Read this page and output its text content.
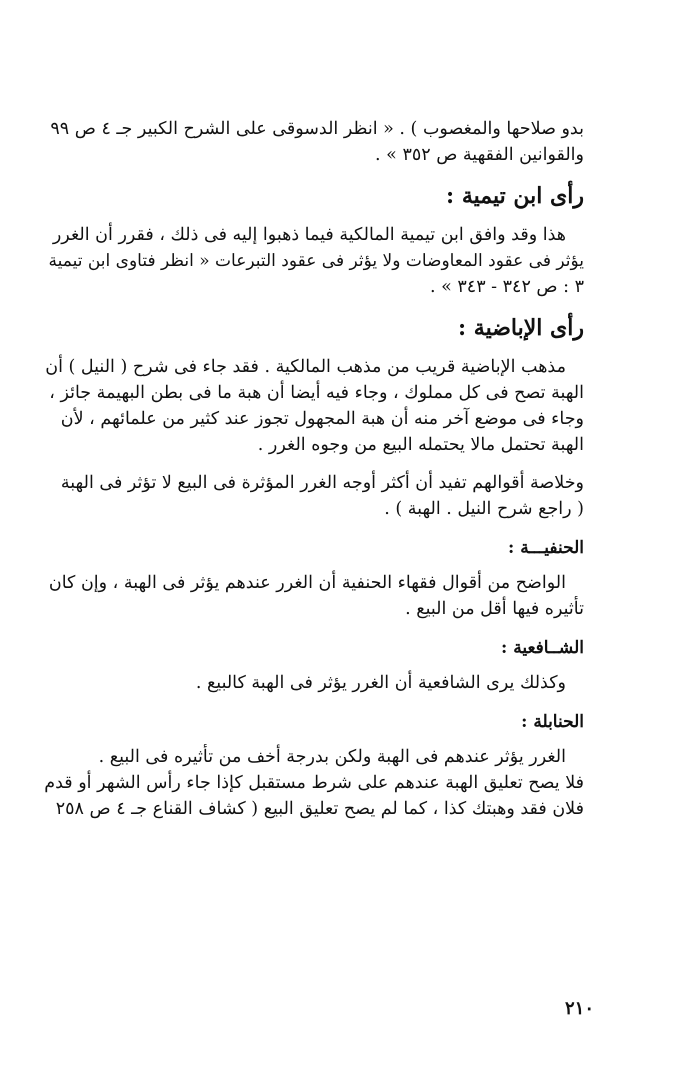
بدو صلاحها والمغصوب ) . « انظر الدسوقى على الشرح الكبير جـ ٤ ص ٩٩
والقوانين الفقهية ص ٣٥٢ » .
رأى ابن تيمية :
هذا وقد وافق ابن تيمية المالكية فيما ذهبوا إليه فى ذلك ، فقرر أن الغرر
يؤثر فى عقود المعاوضات ولا يؤثر فى عقود التبرعات « انظر فتاوى ابن تيمية
٣ : ص ٣٤٢ - ٣٤٣ » .
رأى الإباضية :
مذهب الإباضية قريب من مذهب المالكية . فقد جاء فى شرح ( النيل ) أن
الهبة تصح فى كل مملوك ، وجاء فيه أيضا أن هبة ما فى بطن البهيمة جائز ،
وجاء فى موضع آخر منه أن هبة المجهول تجوز عند كثير من علمائهم ، لأن
الهبة تحتمل مالا يحتمله البيع من وجوه الغرر .
وخلاصة أقوالهم تفيد أن أكثر أوجه الغرر المؤثرة فى البيع لا تؤثر فى الهبة
( راجع شرح النيل . الهبة ) .
الحنفيـــة :
الواضح من أقوال فقهاء الحنفية أن الغرر عندهم يؤثر فى الهبة ، وإن كان
تأثيره فيها أقل من البيع .
الشــافعية :
وكذلك يرى الشافعية أن الغرر يؤثر فى الهبة كالبيع .
الحنابلة :
الغرر يؤثر عندهم فى الهبة ولكن بدرجة أخف من تأثيره فى البيع .
فلا يصح تعليق الهبة عندهم على شرط مستقبل كإذا جاء رأس الشهر أو قدم
فلان فقد وهبتك كذا ، كما لم يصح تعليق البيع ( كشاف القناع جـ ٤ ص ٢٥٨
٢١٠
